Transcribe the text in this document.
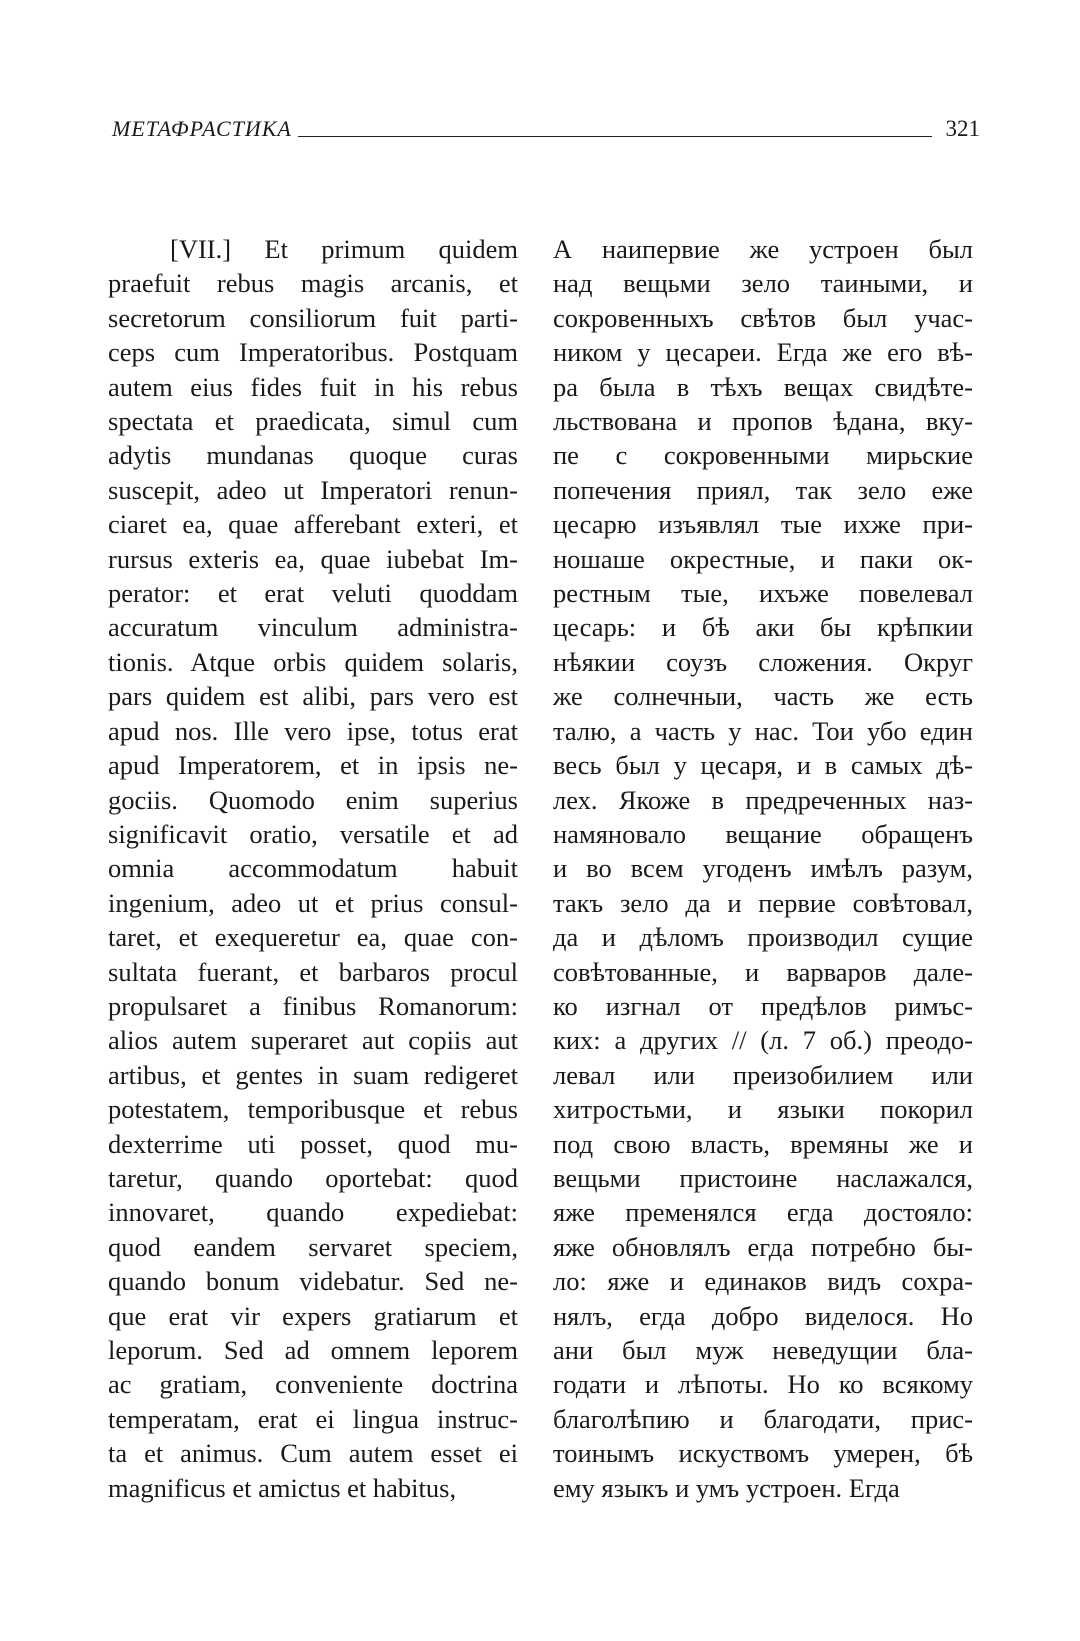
МЕТАФРАСТИКА	321
[VII.] Et primum quidem
praefuit rebus magis arcanis, et
secretorum consiliorum fuit parti-
ceps cum Imperatoribus. Postquam
autem eius fides fuit in his rebus
spectata et praedicata, simul cum
adytis mundanas quoque curas
suscepit, adeo ut Imperatori renun-
ciaret ea, quae afferebant exteri, et
rursus exteris ea, quae iubebat Im-
perator: et erat veluti quoddam
accuratum vinculum administra-
tionis. Atque orbis quidem solaris,
pars quidem est alibi, pars vero est
apud nos. Ille vero ipse, totus erat
apud Imperatorem, et in ipsis ne-
gociis. Quomodo enim superius
significavit oratio, versatile et ad
omnia accommodatum habuit
ingenium, adeo ut et prius consul-
taret, et exequeretur ea, quae con-
sultata fuerant, et barbaros procul
propulsaret a finibus Romanorum:
alios autem superaret aut copiis aut
artibus, et gentes in suam redigeret
potestatem, temporibusque et rebus
dexterrime uti posset, quod mu-
taretur, quando oportebat: quod
innovaret, quando expediebat:
quod eandem servaret speciem,
quando bonum videbatur. Sed ne-
que erat vir expers gratiarum et
leporum. Sed ad omnem leporem
ac gratiam, conveniente doctrina
temperatam, erat ei lingua instruc-
ta et animus. Cum autem esset ei
magnificus et amictus et habitus,
А наипервие же устроен был
над вещьми зело таиными, и
сокровенныхъ свѣтов был учас-
ником у цесареи. Егда же его вѣ-
ра была в тѣхъ вещах свидѣте-
льствована и пропов ѣдана, вку-
пе с сокровенными мирьские
попечения приял, так зело еже
цесарю изъявлял тые ихже при-
ношаше окрестные, и паки ок-
рестным тые, ихъже повелевал
цесарь: и бѣ аки бы крѣпкии
нѣякии соузъ сложения. Округ
же солнечныи, часть же есть
талю, а часть у нас. Тои убо един
весь был у цесаря, и в самых дѣ-
лех. Якоже в предреченных наз-
намяновало вещание обращенъ
и во всем угоденъ имѣлъ разум,
такъ зело да и первие совѣтовал,
да и дѣломъ производил сущие
совѣтованные, и варваров дале-
ко изгнал от предѣлов римъс-
ких: а других // (л. 7 об.) преодо-
левал или преизобилием или
хитростьми, и языки покорил
под свою власть, времяны же и
вещьми пристоине наслажался,
яже пременялся егда достояло:
яже обновлялъ егда потребно бы-
ло: яже и единаков видъ сохра-
нялъ, егда добро виделося. Но
ани был муж неведущии бла-
годати и лѣпоты. Но ко всякому
благолѣпию и благодати, прис-
тоинымъ искуствомъ умерен, бѣ
ему языкъ и умъ устроен. Егда
